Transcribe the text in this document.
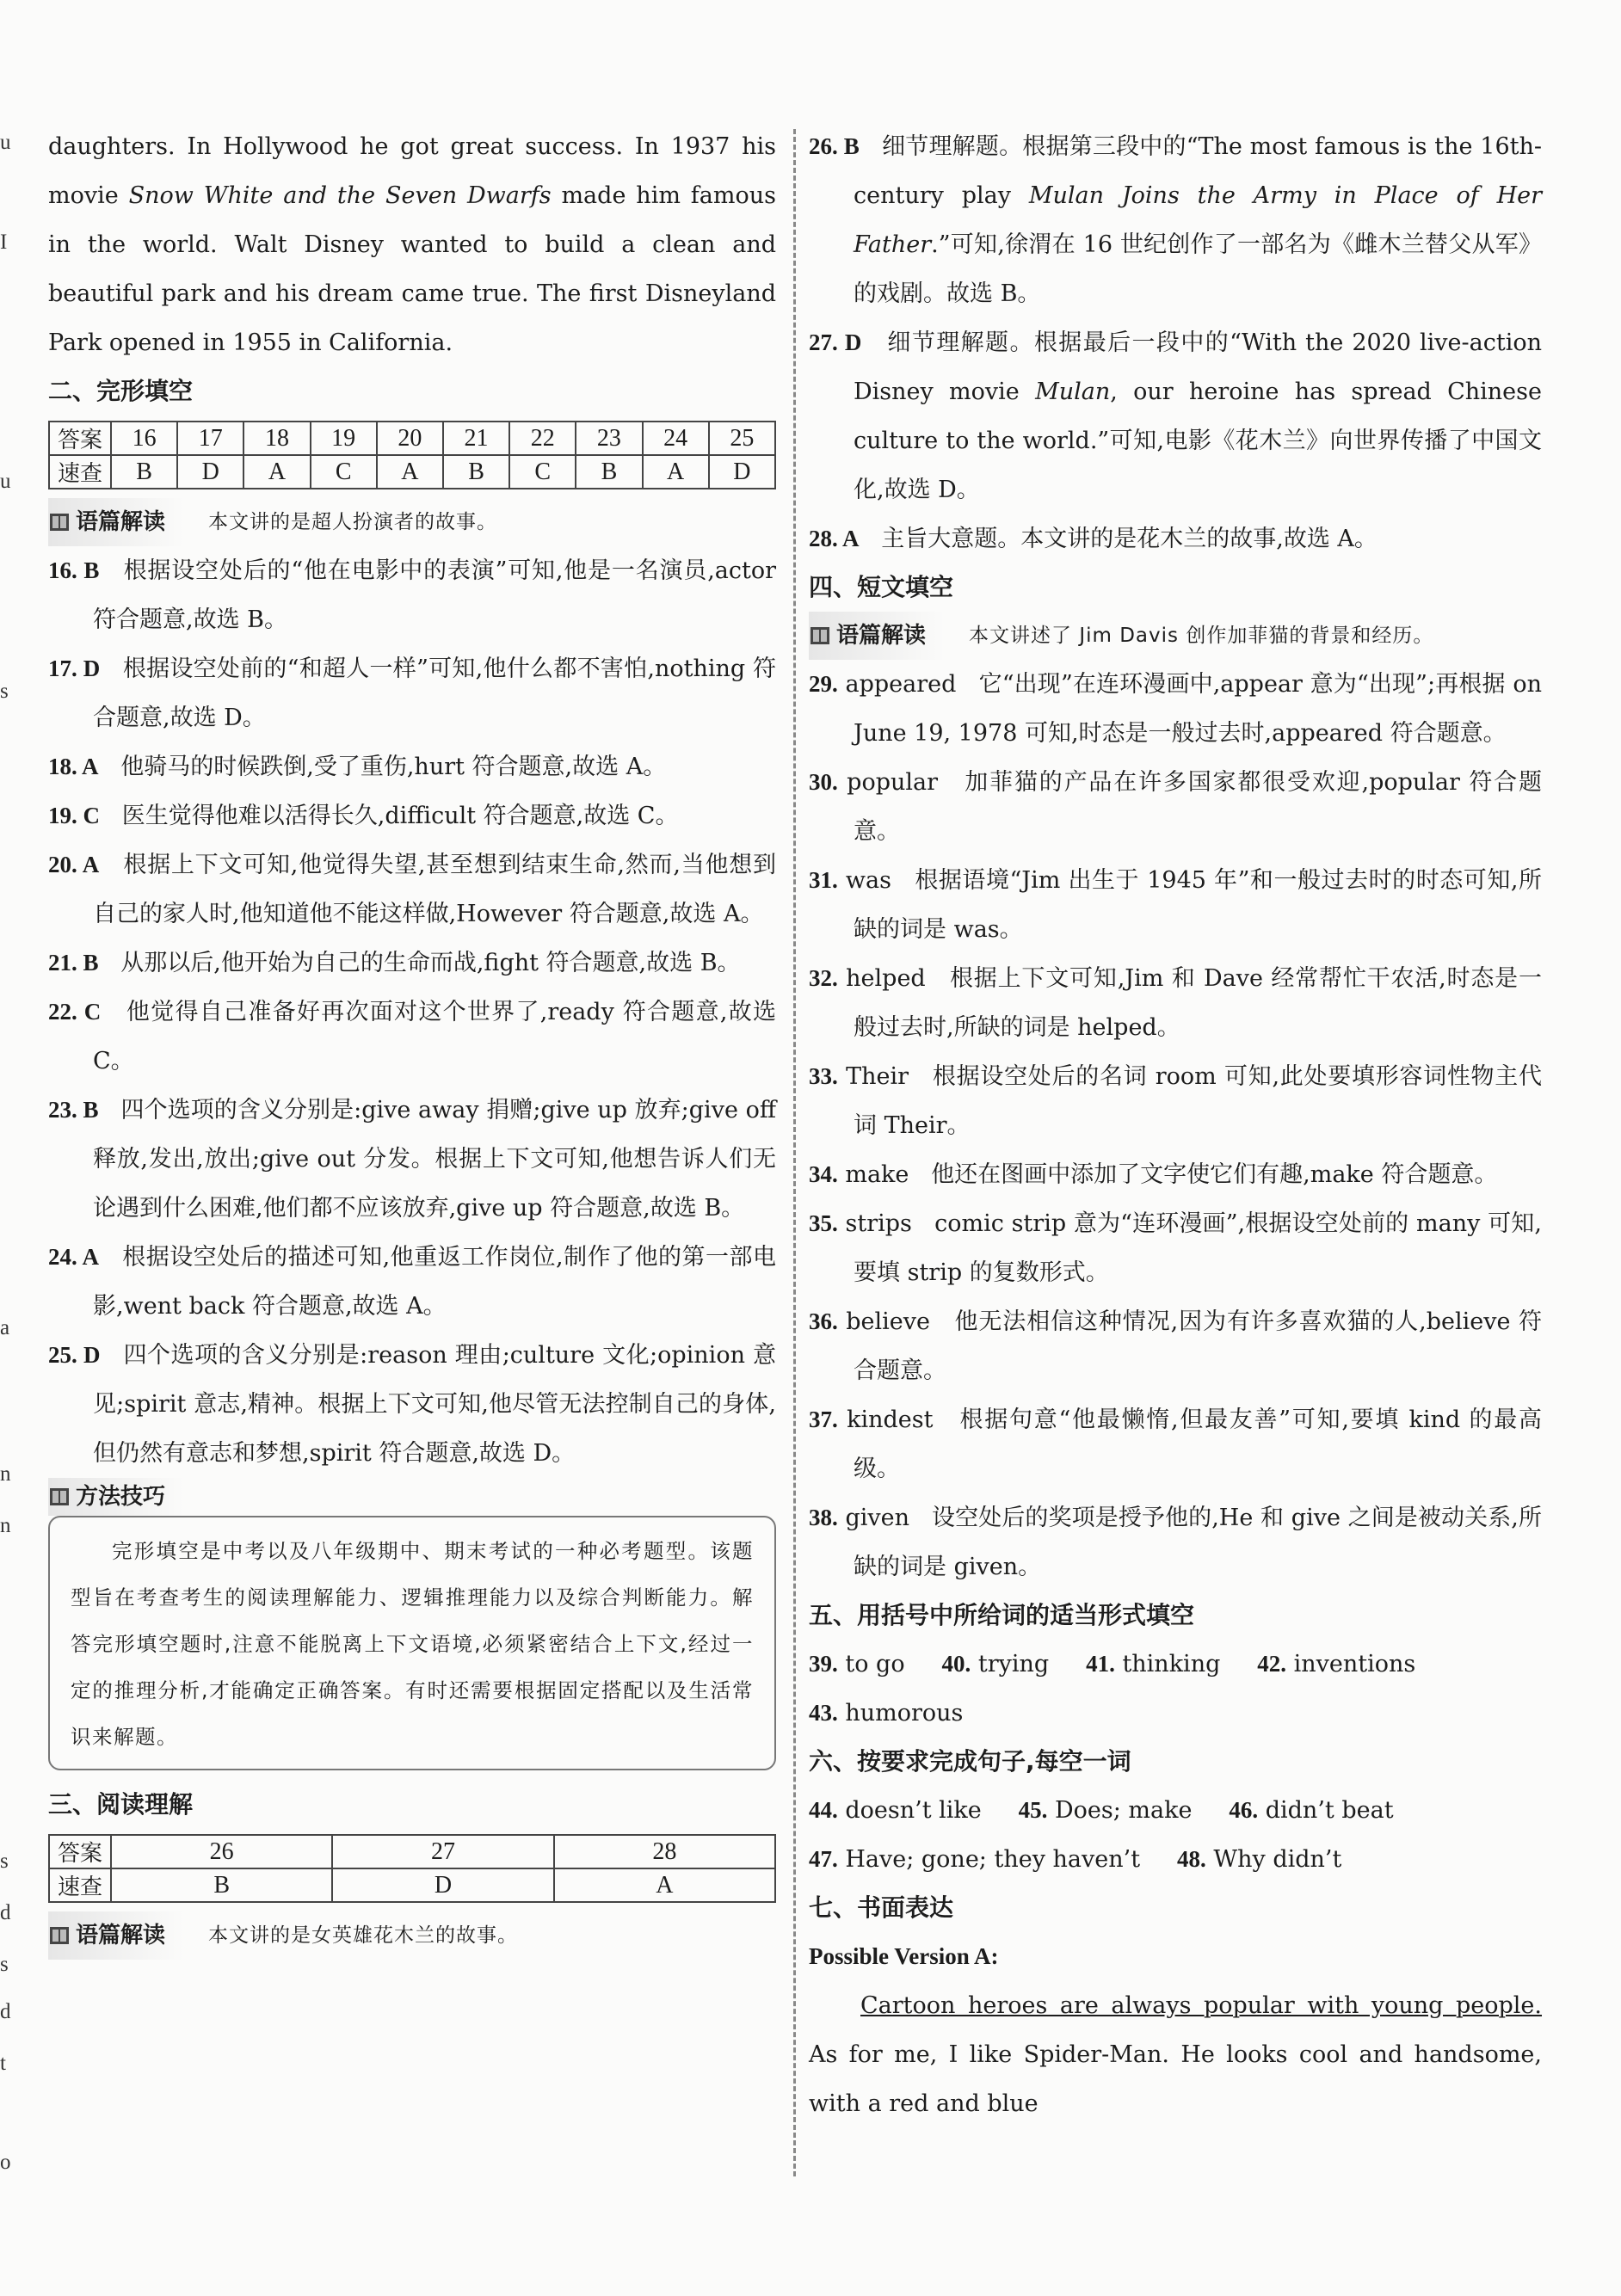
u
I
u
s
a
n
n
s
d
s
d
t
o
daughters. In Hollywood he got great success. In 1937 his movie Snow White and the Seven Dwarfs made him famous in the world. Walt Disney wanted to build a clean and beautiful park and his dream came true. The first Disneyland Park opened in 1955 in California.
二、完形填空
答案	16	17	18	19	20	21	22	23	24	25
速查	B	D	A	C	A	B	C	B	A	D
语篇解读 本文讲的是超人扮演者的故事。
16. B 根据设空处后的“他在电影中的表演”可知,他是一名演员,actor 符合题意,故选 B。
17. D 根据设空处前的“和超人一样”可知,他什么都不害怕,nothing 符合题意,故选 D。
18. A 他骑马的时候跌倒,受了重伤,hurt 符合题意,故选 A。
19. C 医生觉得他难以活得长久,difficult 符合题意,故选 C。
20. A 根据上下文可知,他觉得失望,甚至想到结束生命,然而,当他想到自己的家人时,他知道他不能这样做,However 符合题意,故选 A。
21. B 从那以后,他开始为自己的生命而战,fight 符合题意,故选 B。
22. C 他觉得自己准备好再次面对这个世界了,ready 符合题意,故选 C。
23. B 四个选项的含义分别是:give away 捐赠;give up 放弃;give off 释放,发出,放出;give out 分发。根据上下文可知,他想告诉人们无论遇到什么困难,他们都不应该放弃,give up 符合题意,故选 B。
24. A 根据设空处后的描述可知,他重返工作岗位,制作了他的第一部电影,went back 符合题意,故选 A。
25. D 四个选项的含义分别是:reason 理由;culture 文化;opinion 意见;spirit 意志,精神。根据上下文可知,他尽管无法控制自己的身体,但仍然有意志和梦想,spirit 符合题意,故选 D。
方法技巧
完形填空是中考以及八年级期中、期末考试的一种必考题型。该题型旨在考查考生的阅读理解能力、逻辑推理能力以及综合判断能力。解答完形填空题时,注意不能脱离上下文语境,必须紧密结合上下文,经过一定的推理分析,才能确定正确答案。有时还需要根据固定搭配以及生活常识来解题。
三、阅读理解
答案	26	27	28
速查	B	D	A
语篇解读 本文讲的是女英雄花木兰的故事。
26. B 细节理解题。根据第三段中的“The most famous is the 16th-century play Mulan Joins the Army in Place of Her Father.”可知,徐渭在 16 世纪创作了一部名为《雌木兰替父从军》的戏剧。故选 B。
27. D 细节理解题。根据最后一段中的“With the 2020 live-action Disney movie Mulan, our heroine has spread Chinese culture to the world.”可知,电影《花木兰》向世界传播了中国文化,故选 D。
28. A 主旨大意题。本文讲的是花木兰的故事,故选 A。
四、短文填空
语篇解读 本文讲述了 Jim Davis 创作加菲猫的背景和经历。
29. appeared 它“出现”在连环漫画中,appear 意为“出现”;再根据 on June 19, 1978 可知,时态是一般过去时,appeared 符合题意。
30. popular 加菲猫的产品在许多国家都很受欢迎,popular 符合题意。
31. was 根据语境“Jim 出生于 1945 年”和一般过去时的时态可知,所缺的词是 was。
32. helped 根据上下文可知,Jim 和 Dave 经常帮忙干农活,时态是一般过去时,所缺的词是 helped。
33. Their 根据设空处后的名词 room 可知,此处要填形容词性物主代词 Their。
34. make 他还在图画中添加了文字使它们有趣,make 符合题意。
35. strips comic strip 意为“连环漫画”,根据设空处前的 many 可知,要填 strip 的复数形式。
36. believe 他无法相信这种情况,因为有许多喜欢猫的人,believe 符合题意。
37. kindest 根据句意“他最懒惰,但最友善”可知,要填 kind 的最高级。
38. given 设空处后的奖项是授予他的,He 和 give 之间是被动关系,所缺的词是 given。
五、用括号中所给词的适当形式填空
39. to go 40. trying 41. thinking 42. inventions
43. humorous
六、按要求完成句子,每空一词
44. doesn’t like 45. Does; make 46. didn’t beat
47. Have; gone; they haven’t 48. Why didn’t
七、书面表达
Possible Version A:
Cartoon heroes are always popular with young people. As for me, I like Spider-Man. He looks cool and handsome, with a red and blue
